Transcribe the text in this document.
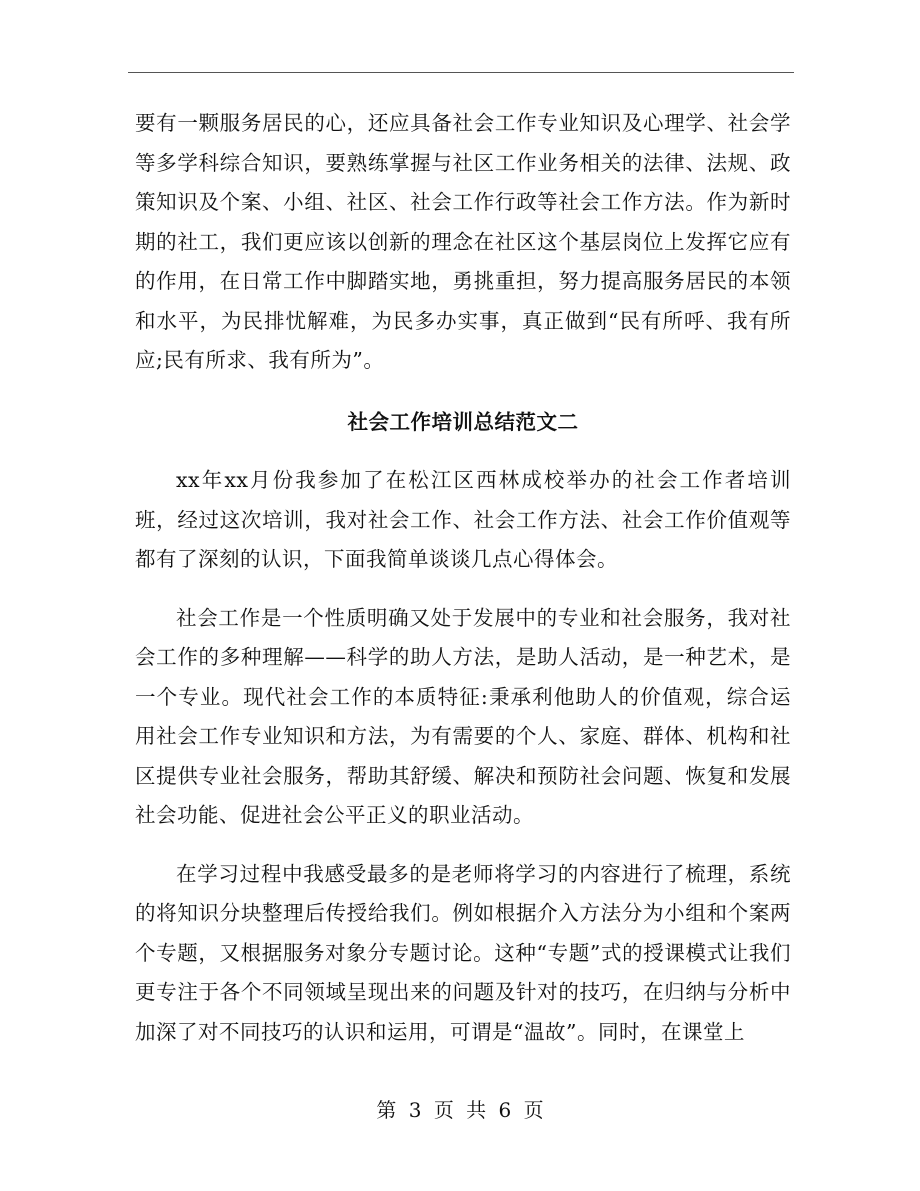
要有一颗服务居民的心，还应具备社会工作专业知识及心理学、社会学等多学科综合知识，要熟练掌握与社区工作业务相关的法律、法规、政策知识及个案、小组、社区、社会工作行政等社会工作方法。作为新时期的社工，我们更应该以创新的理念在社区这个基层岗位上发挥它应有的作用，在日常工作中脚踏实地，勇挑重担，努力提高服务居民的本领和水平，为民排忧解难，为民多办实事，真正做到“民有所呼、我有所应;民有所求、我有所为”。

社会工作培训总结范文二

xx年xx月份我参加了在松江区西林成校举办的社会工作者培训班，经过这次培训，我对社会工作、社会工作方法、社会工作价值观等都有了深刻的认识，下面我简单谈谈几点心得体会。

社会工作是一个性质明确又处于发展中的专业和社会服务，我对社会工作的多种理解——科学的助人方法，是助人活动，是一种艺术，是一个专业。现代社会工作的本质特征:秉承利他助人的价值观，综合运用社会工作专业知识和方法，为有需要的个人、家庭、群体、机构和社区提供专业社会服务，帮助其舒缓、解决和预防社会问题、恢复和发展社会功能、促进社会公平正义的职业活动。

在学习过程中我感受最多的是老师将学习的内容进行了梳理，系统的将知识分块整理后传授给我们。例如根据介入方法分为小组和个案两个专题，又根据服务对象分专题讨论。这种“专题”式的授课模式让我们更专注于各个不同领域呈现出来的问题及针对的技巧，在归纳与分析中加深了对不同技巧的认识和运用，可谓是“温故”。同时，在课堂上

第 3 页 共 6 页
